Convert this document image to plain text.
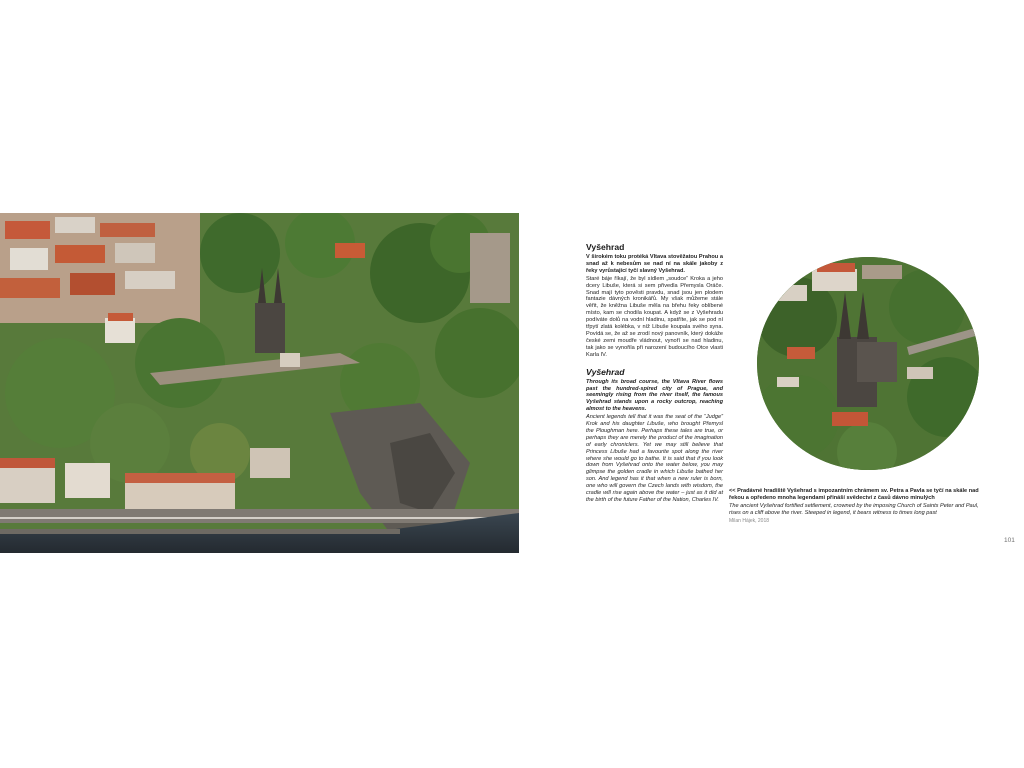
Vyšehrad

V širokém toku protéká Vltava stověžatou Prahou a snad až k nebesům se nad ní na skále jakoby z řeky vyrůstající tyčí slavný Vyšehrad.

Staré báje říkají, že byl sídlem „soudce“ Kroka a jeho dcery Libuše, která si sem přivedla Přemysla Oráče. Snad mají tyto pověsti pravdu, snad jsou jen plodem fantazie dávných kronikářů. My však můžeme stále věřit, že kněžna Libuše měla na břehu řeky oblíbené místo, kam se chodila koupat. A když se z Vyšehradu podíváte dolů na vodní hladinu, spatříte, jak se pod ní třpytí zlatá kolébka, v níž Libuše koupala svého syna. Povídá se, že až se zrodí nový panovník, který dokáže české zemi moudře vládnout, vynoří se nad hladinu, tak jako se vynořila při narození budoucího Otce vlasti Karla IV.

Vyšehrad

Through its broad course, the Vltava River flows past the hundred-spired city of Prague, and seemingly rising from the river itself, the famous Vyšehrad stands upon a rocky outcrop, reaching almost to the heavens.

Ancient legends tell that it was the seat of the “Judge” Krok and his daughter Libuše, who brought Přemysl the Ploughman here. Perhaps these tales are true, or perhaps they are merely the product of the imagination of early chroniclers. Yet we may still believe that Princess Libuše had a favourite spot along the river where she would go to bathe. It is said that if you look down from Vyšehrad onto the water below, you may glimpse the golden cradle in which Libuše bathed her son. And legend has it that when a new ruler is born, one who will govern the Czech lands with wisdom, the cradle will rise again above the water – just as it did at the birth of the future Father of the Nation, Charles IV.

<< Pradávné hradiště Vyšehrad s impozantním chrámem sv. Petra a Pavla se tyčí na skále nad řekou a opředeno mnoha legendami přináší svědectví z časů dávno minulých

The ancient Vyšehrad fortified settlement, crowned by the imposing Church of Saints Peter and Paul, rises on a cliff above the river. Steeped in legend, it bears witness to times long past

Milan Hájek, 2018

101
